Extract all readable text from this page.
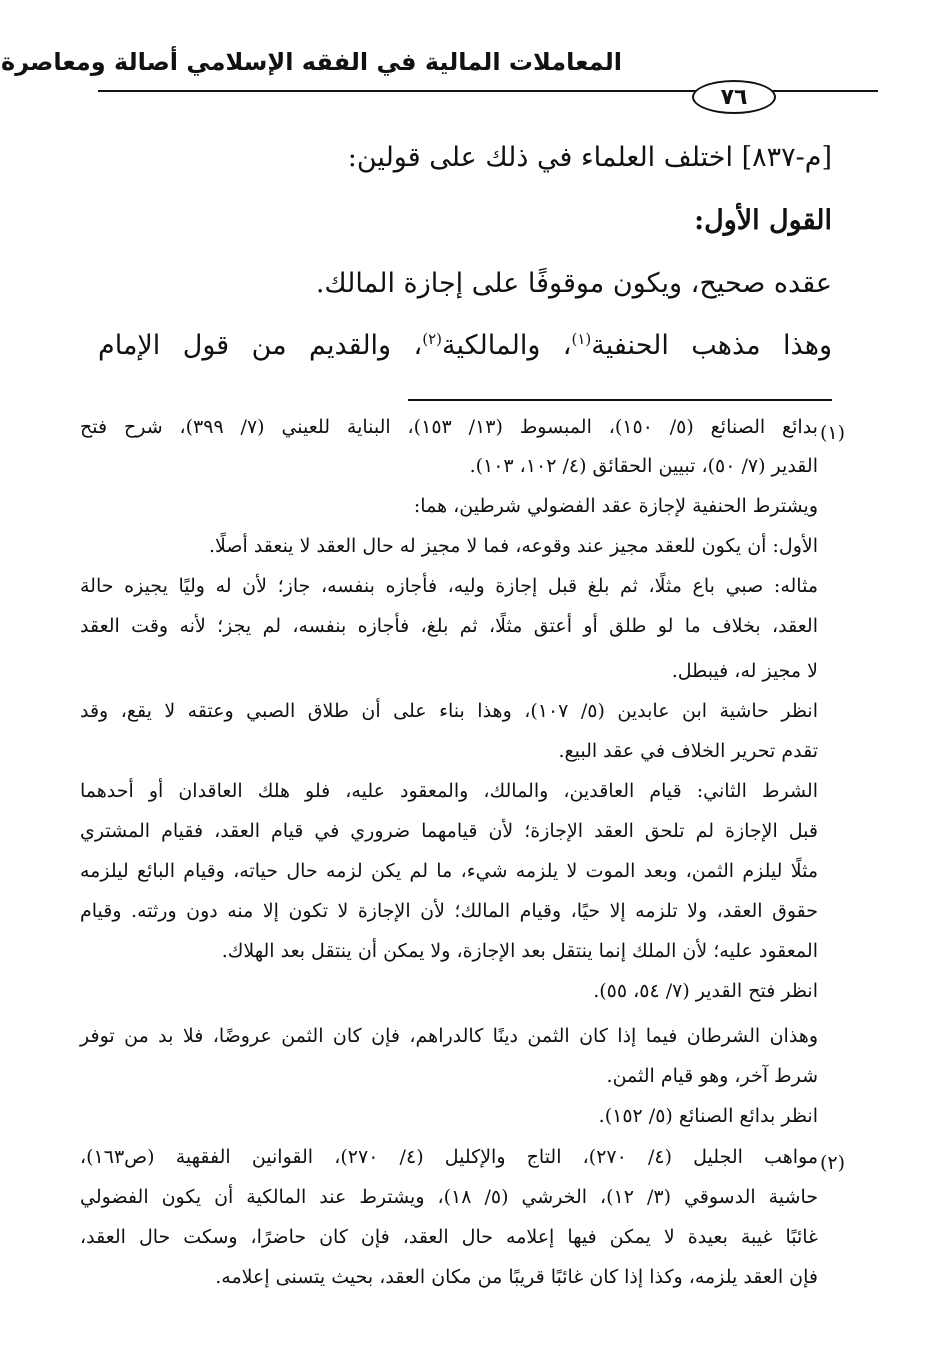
المعاملات المالية في الفقه الإسلامي أصالة ومعاصرة
٧٦
[م-٨٣٧] اختلف العلماء في ذلك على قولين:
القول الأول:
عقده صحيح، ويكون موقوفًا على إجازة المالك.
وهذا مذهب الحنفية$^{(١)}$، والمالكية$^{(٢)}$، والقديم من قول الإمام
(١)
بدائع الصنائع (٥/ ١٥٠)، المبسوط (١٣/ ١٥٣)، البناية للعيني (٧/ ٣٩٩)، شرح فتح
القدير (٧/ ٥٠)، تبيين الحقائق (٤/ ١٠٢، ١٠٣).
ويشترط الحنفية لإجازة عقد الفضولي شرطين، هما:
الأول: أن يكون للعقد مجيز عند وقوعه، فما لا مجيز له حال العقد لا ينعقد أصلًا.
مثاله: صبي باع مثلًا، ثم بلغ قبل إجازة وليه، فأجازه بنفسه، جاز؛ لأن له وليًا يجيزه حالة
العقد، بخلاف ما لو طلق أو أعتق مثلًا، ثم بلغ، فأجازه بنفسه، لم يجز؛ لأنه وقت العقد
لا مجيز له، فيبطل.
انظر حاشية ابن عابدين (٥/ ١٠٧)، وهذا بناء على أن طلاق الصبي وعتقه لا يقع، وقد
تقدم تحرير الخلاف في عقد البيع.
الشرط الثاني: قيام العاقدين، والمالك، والمعقود عليه، فلو هلك العاقدان أو أحدهما
قبل الإجازة لم تلحق العقد الإجازة؛ لأن قيامهما ضروري في قيام العقد، فقيام المشتري
مثلًا ليلزم الثمن، وبعد الموت لا يلزمه شيء، ما لم يكن لزمه حال حياته، وقيام البائع ليلزمه
حقوق العقد، ولا تلزمه إلا حيًا، وقيام المالك؛ لأن الإجازة لا تكون إلا منه دون ورثته. وقيام
المعقود عليه؛ لأن الملك إنما ينتقل بعد الإجازة، ولا يمكن أن ينتقل بعد الهلاك.
انظر فتح القدير (٧/ ٥٤، ٥٥).
وهذان الشرطان فيما إذا كان الثمن دينًا كالدراهم، فإن كان الثمن عروضًا، فلا بد من توفر
شرط آخر، وهو قيام الثمن.
انظر بدائع الصنائع (٥/ ١٥٢).
(٢)
مواهب الجليل (٤/ ٢٧٠)، التاج والإكليل (٤/ ٢٧٠)، القوانين الفقهية (ص١٦٣)،
حاشية الدسوقي (٣/ ١٢)، الخرشي (٥/ ١٨)، ويشترط عند المالكية أن يكون الفضولي
غائبًا غيبة بعيدة لا يمكن فيها إعلامه حال العقد، فإن كان حاضرًا، وسكت حال العقد،
فإن العقد يلزمه، وكذا إذا كان غائبًا قريبًا من مكان العقد، بحيث يتسنى إعلامه.
